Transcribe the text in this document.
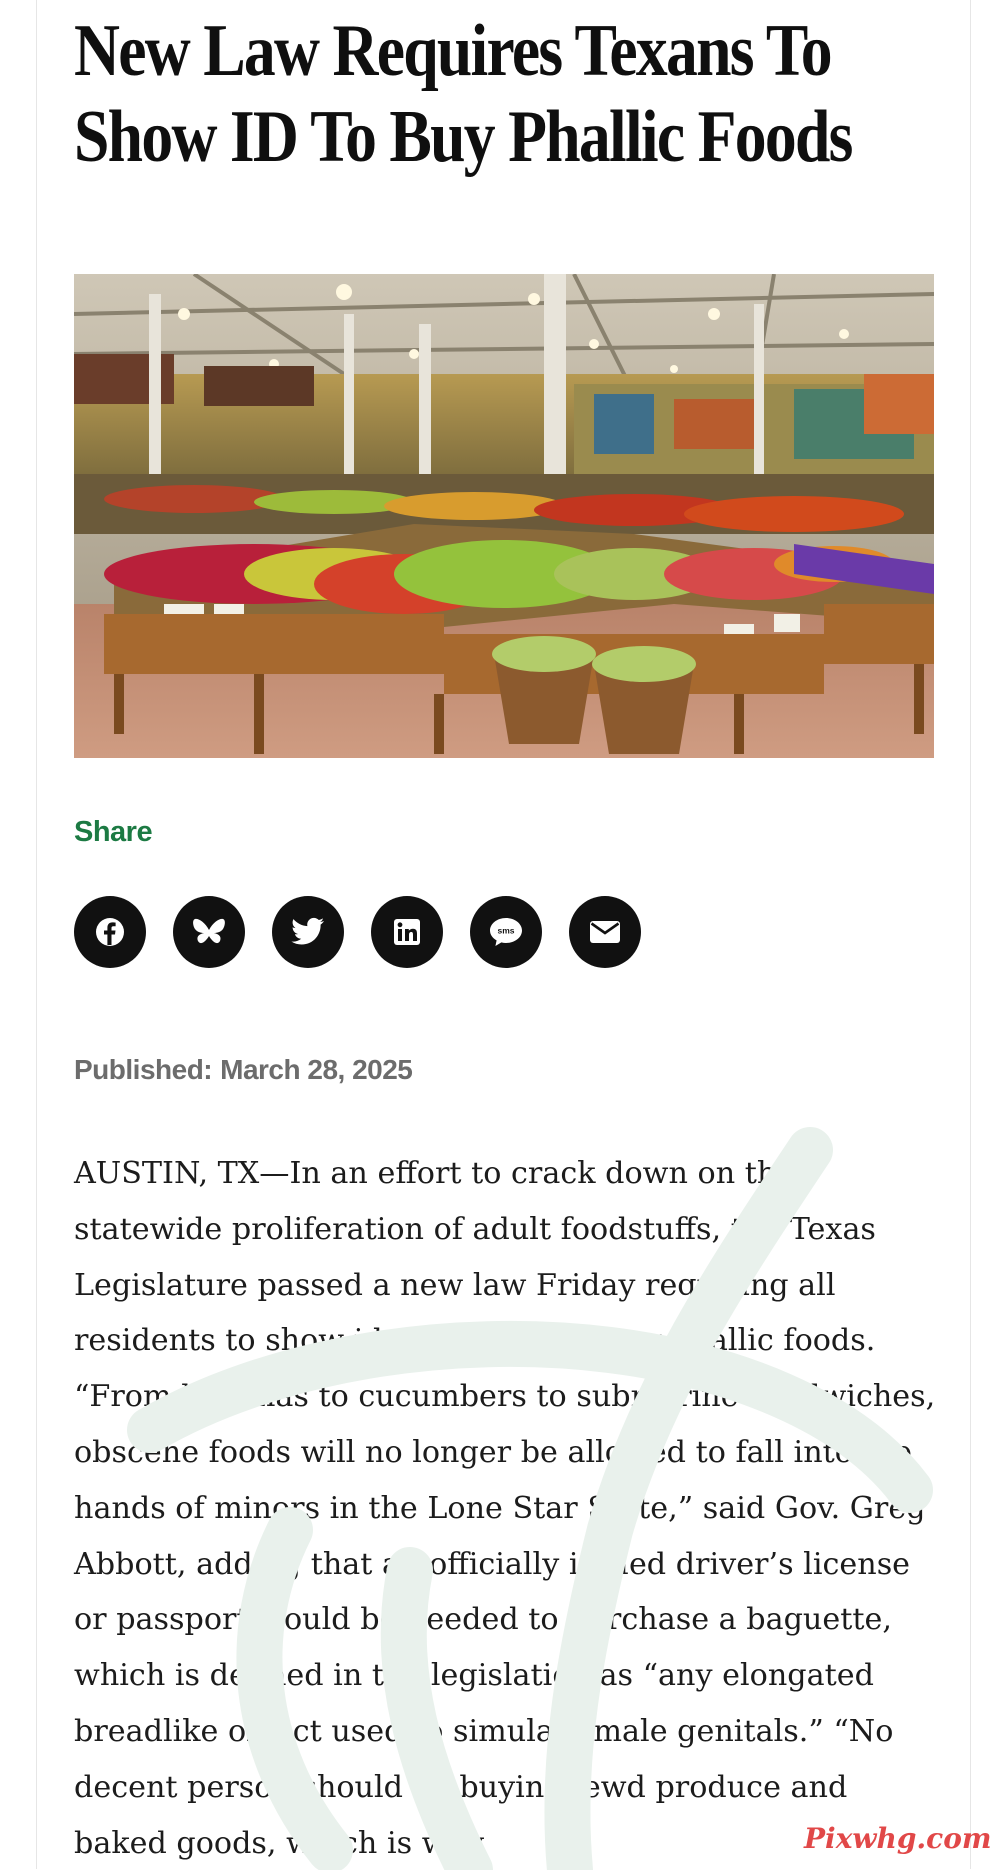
New Law Requires Texans To
Show ID To Buy Phallic Foods
Share
sms
Published: March 28, 2025

AUSTIN, TX—In an effort to crack down on the statewide proliferation of adult foodstuffs, the Texas Legislature passed a new law Friday requiring all residents to show identification to buy phallic foods. “From bananas to cucumbers to submarine sandwiches, obscene foods will no longer be allowed to fall into the hands of minors in the Lone Star State,” said Gov. Greg Abbott, adding that an officially issued driver’s license or passport would be needed to purchase a baguette, which is defined in the legislation as “any elongated breadlike object used to simulate male genitals.” “No decent person should be buying lewd produce and baked goods, which is why	Pixwhg.com
